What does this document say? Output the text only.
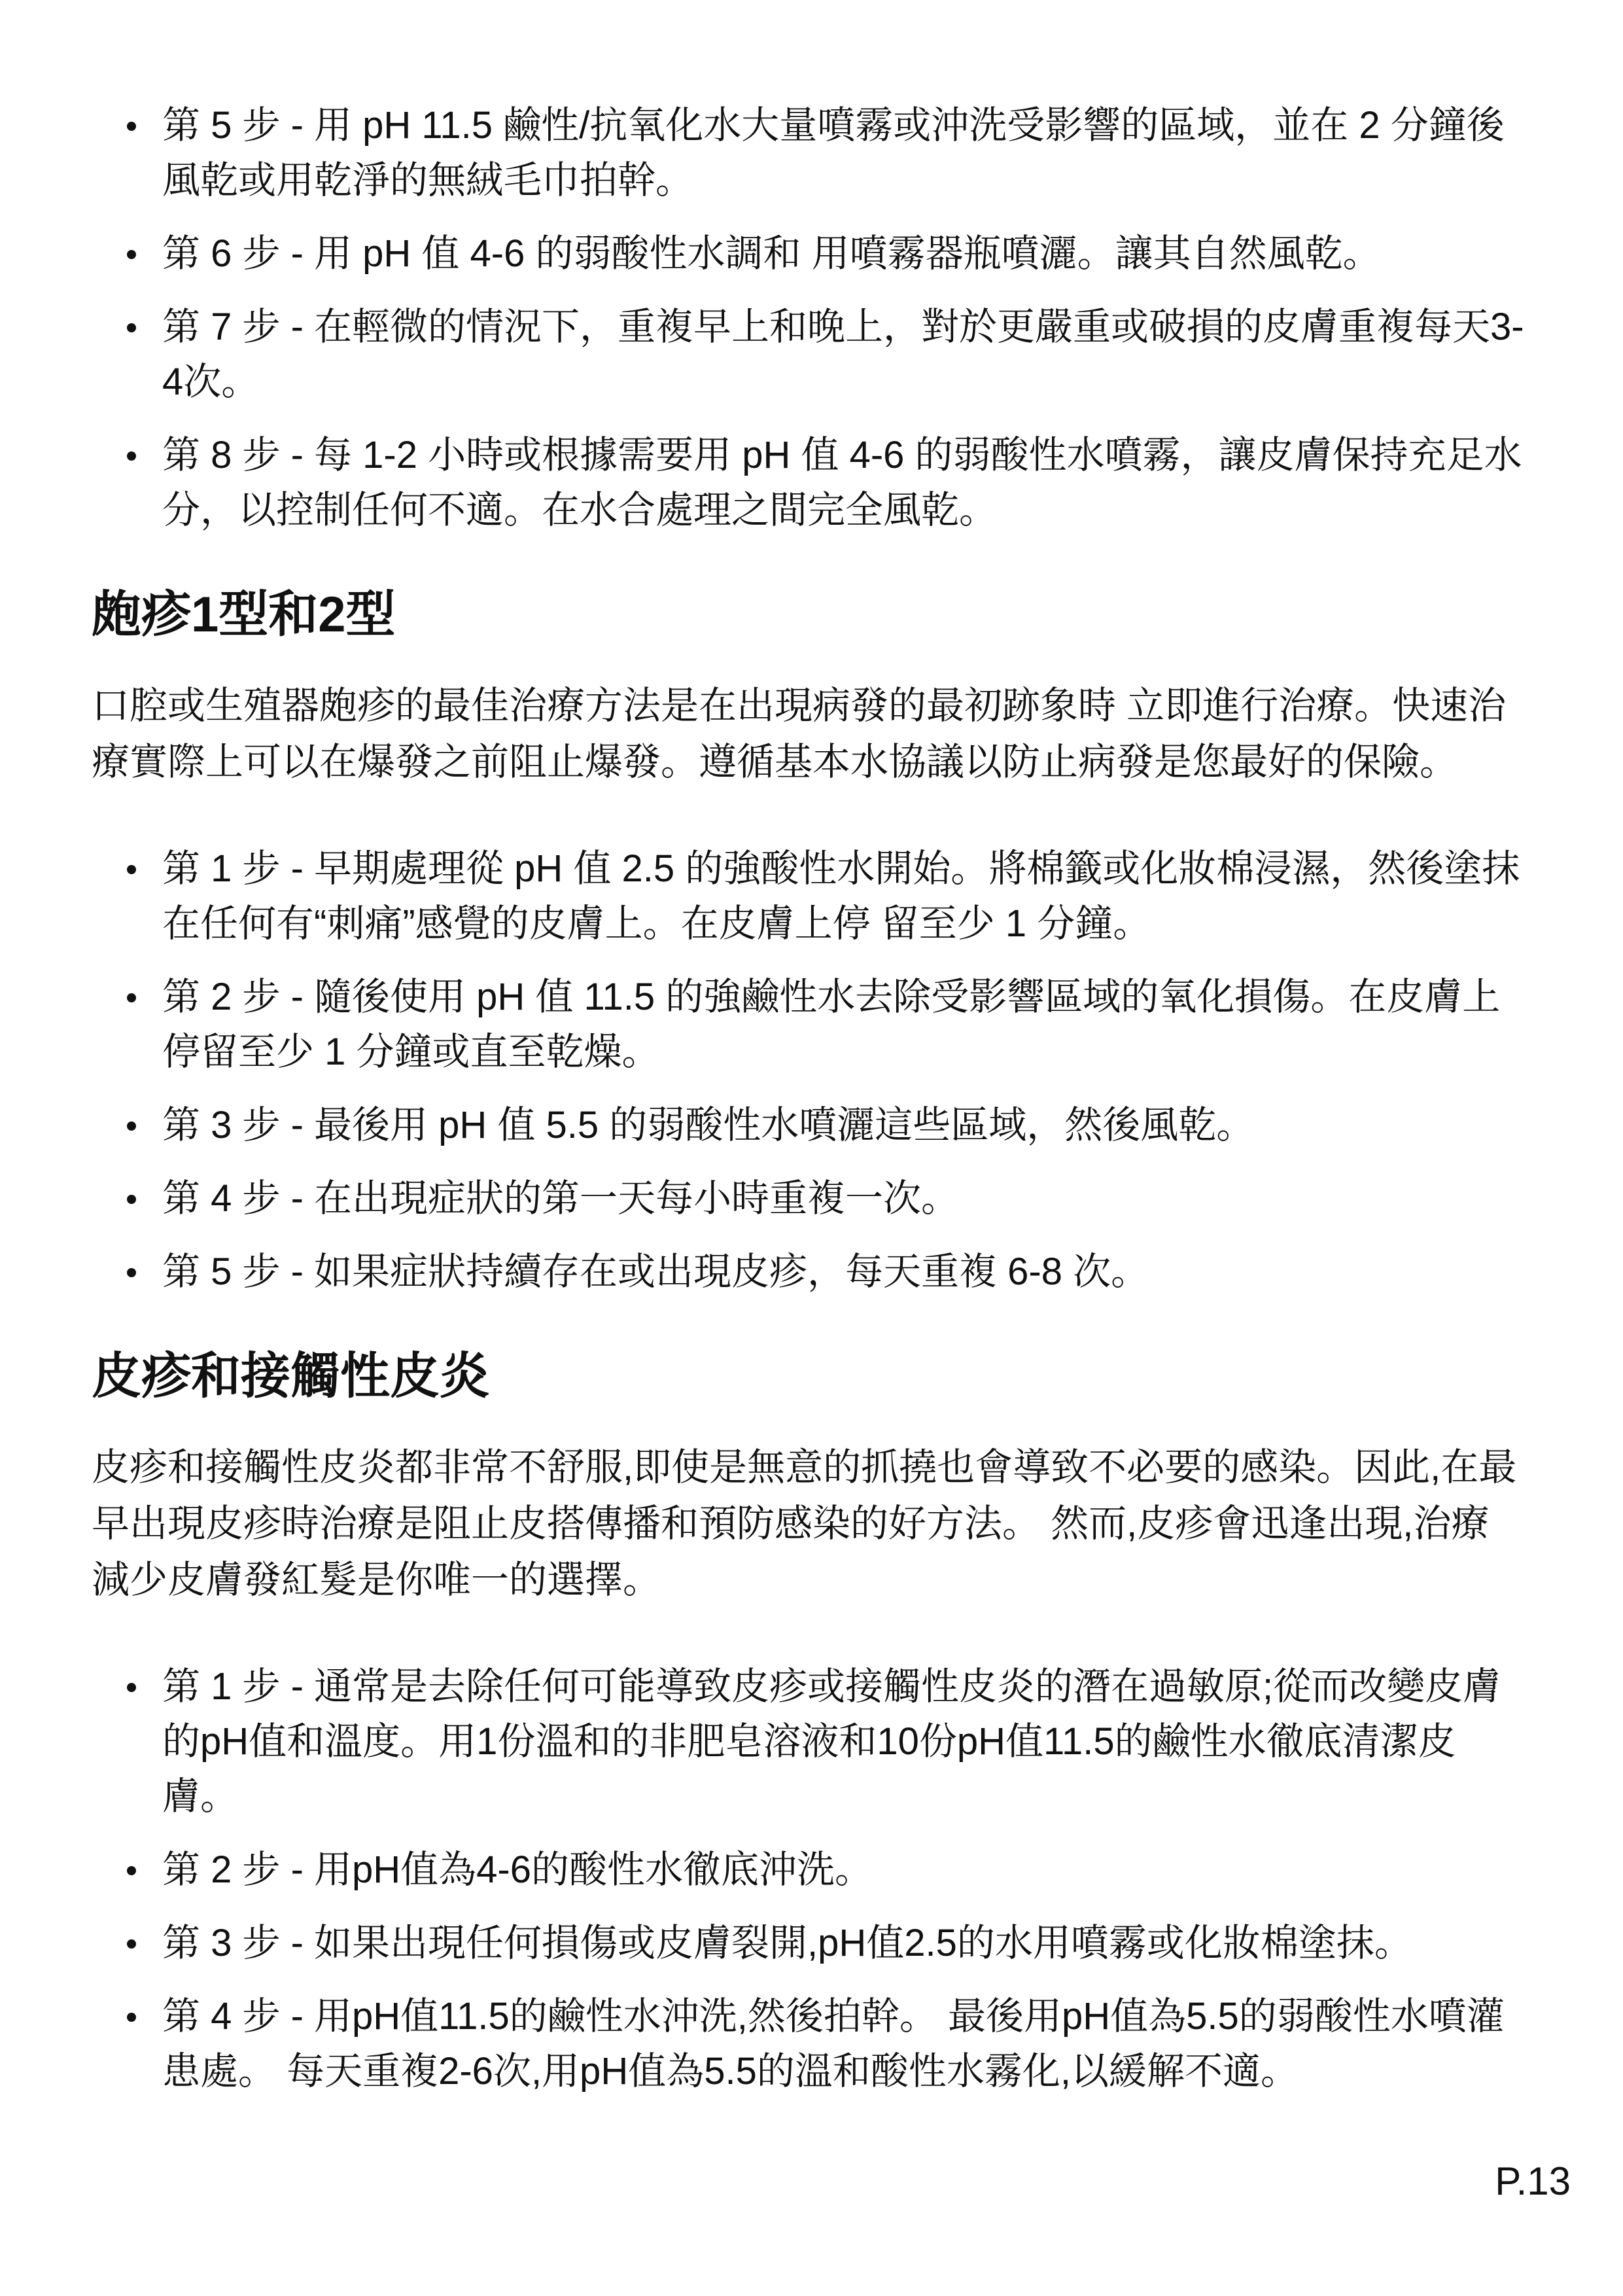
第 5 步 - 用 pH 11.5 鹼性/抗氧化水大量噴霧或沖洗受影響的區域，並在 2 分鐘後風乾或用乾淨的無絨毛巾拍幹。
第 6 步 - 用 pH 值 4-6 的弱酸性水調和 用噴霧器瓶噴灑。讓其自然風乾。
第 7 步 - 在輕微的情況下，重複早上和晚上，對於更嚴重或破損的皮膚重複每天3-4次。
第 8 步 - 每 1-2 小時或根據需要用 pH 值 4-6 的弱酸性水噴霧，讓皮膚保持充足水分，以控制任何不適。在水合處理之間完全風乾。
皰疹1型和2型

口腔或生殖器皰疹的最佳治療方法是在出現病發的最初跡象時 立即進行治療。快速治療實際上可以在爆發之前阻止爆發。遵循基本水協議以防止病發是您最好的保險。

第 1 步 - 早期處理從 pH 值 2.5 的強酸性水開始。將棉籤或化妝棉浸濕，然後塗抹在任何有“刺痛”感覺的皮膚上。在皮膚上停 留至少 1 分鐘。
第 2 步 - 隨後使用 pH 值 11.5 的強鹼性水去除受影響區域的氧化損傷。在皮膚上停留至少 1 分鐘或直至乾燥。
第 3 步 - 最後用 pH 值 5.5 的弱酸性水噴灑這些區域，然後風乾。
第 4 步 - 在出現症狀的第一天每小時重複一次。
第 5 步 - 如果症狀持續存在或出現皮疹，每天重複 6-8 次。
皮疹和接觸性皮炎

皮疹和接觸性皮炎都非常不舒服,即使是無意的抓撓也會導致不必要的感染。因此,在最早出現皮疹時治療是阻止皮搭傳播和預防感染的好方法。 然而,皮疹會迅逢出現,治療減少皮膚發紅髮是你唯一的選擇。

第 1 步 - 通常是去除任何可能導致皮疹或接觸性皮炎的潛在過敏原;從而改變皮膚的pH值和溫度。用1份溫和的非肥皂溶液和10份pH值11.5的鹼性水徹底清潔皮膚。
第 2 步 - 用pH值為4-6的酸性水徹底沖洗。
第 3 步 - 如果出現任何損傷或皮膚裂開,pH值2.5的水用噴霧或化妝棉塗抹。
第 4 步 - 用pH值11.5的鹼性水沖洗,然後拍幹。 最後用pH值為5.5的弱酸性水噴灌患處。 每天重複2-6次,用pH值為5.5的溫和酸性水霧化,以緩解不適。
P.13
